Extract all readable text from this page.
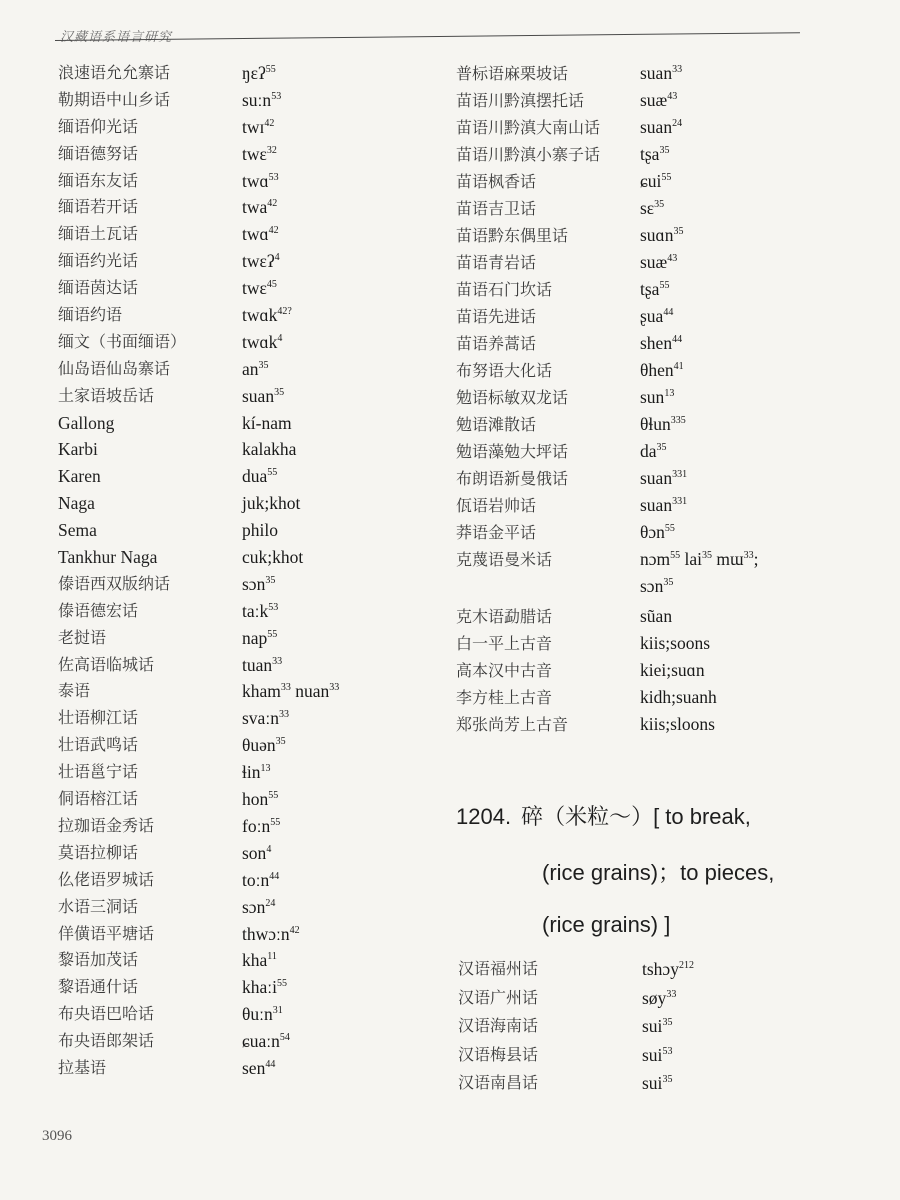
汉藏语系语言研究
浪速语允允寨话	ŋɛʔ$^{55}$
勒期语中山乡话	suːn$^{53}$
缅语仰光话	twɪ$^{42}$
缅语德努话	twɛ$^{32}$
缅语东友话	twɑ$^{53}$
缅语若开话	twa$^{42}$
缅语土瓦话	twɑ$^{42}$
缅语约光话	twɛʔ$^4$
缅语茵达话	twɛ$^{45}$
缅语约语	twɑk$^{42?}$
缅文（书面缅语）	twɑk$^4$
仙岛语仙岛寨话	$an^{35}$
土家语坡岳话	suan$^{35}$
Gallong	kí-nam
Karbi	kalakha
Karen	dua$^{55}$
Naga	juk;khot
Sema	philo
Tankhur Naga	cuk;khot
傣语西双版纳话	sɔn$^{35}$
傣语德宏话	taːk$^{53}$
老挝语	nap$^{55}$
佐高语临城话	tuan$^{33}$
泰语	kham$^{33}$ nuan$^{33}$
壮语柳江话	svaːn$^{33}$
壮语武鸣话	θuən$^{35}$
壮语邕宁话	ɬin$^{13}$
侗语榕江话	hon$^{55}$
拉珈语金秀话	foːn$^{55}$
莫语拉柳话	son$^4$
仫佬语罗城话	toːn$^{44}$
水语三洞话	sɔn$^{24}$
佯僙语平塘话	thwɔːn$^{42}$
黎语加茂话	kha$^{11}$
黎语通什话	khaːi$^{55}$
布央语巴哈话	θuːn$^{31}$
布央语郎架话	ɕuaːn$^{54}$
拉基语	sen$^{44}$
普标语麻栗坡话	suan$^{33}$
苗语川黔滇摆托话	suæ$^{43}$
苗语川黔滇大南山话 suan$^{24}$
苗语川黔滇小寨子话 tʂa$^{35}$
苗语枫香话	ɕui$^{55}$
苗语吉卫话	sɛ$^{35}$
苗语黔东偶里话	suɑn$^{35}$
苗语青岩话	suæ$^{43}$
苗语石门坎话	tʂa$^{55}$
苗语先进话	ʂua$^{44}$
苗语养蒿话	shen$^{44}$
布努语大化话	θhen$^{41}$
勉语标敏双龙话	sun$^{13}$
勉语滩散话	θɬun$^{335}$
勉语藻勉大坪话	$da^{35}$
布朗语新曼俄话	suan$^{331}$
佤语岩帅话	suan$^{331}$
莽语金平话	θɔn$^{55}$
克蔑语曼米话	nɔm$^{55}$ lai$^{35}$ mɯ$^{33}$;
sɔn$^{35}$
克木语勐腊话	sũan
白一平上古音	kiis;soons
高本汉中古音	kiei;suɑn
李方桂上古音	kidh;suanh
郑张尚芳上古音	kiis;sloons
1204. 碎（米粒～）[ to break,
(rice grains)；to pieces,
(rice grains) ]
汉语福州话	tshɔy$^{212}$
汉语广州话	søy$^{33}$
汉语海南话	sui$^{35}$
汉语梅县话	sui$^{53}$
汉语南昌话	sui$^{35}$
3096
